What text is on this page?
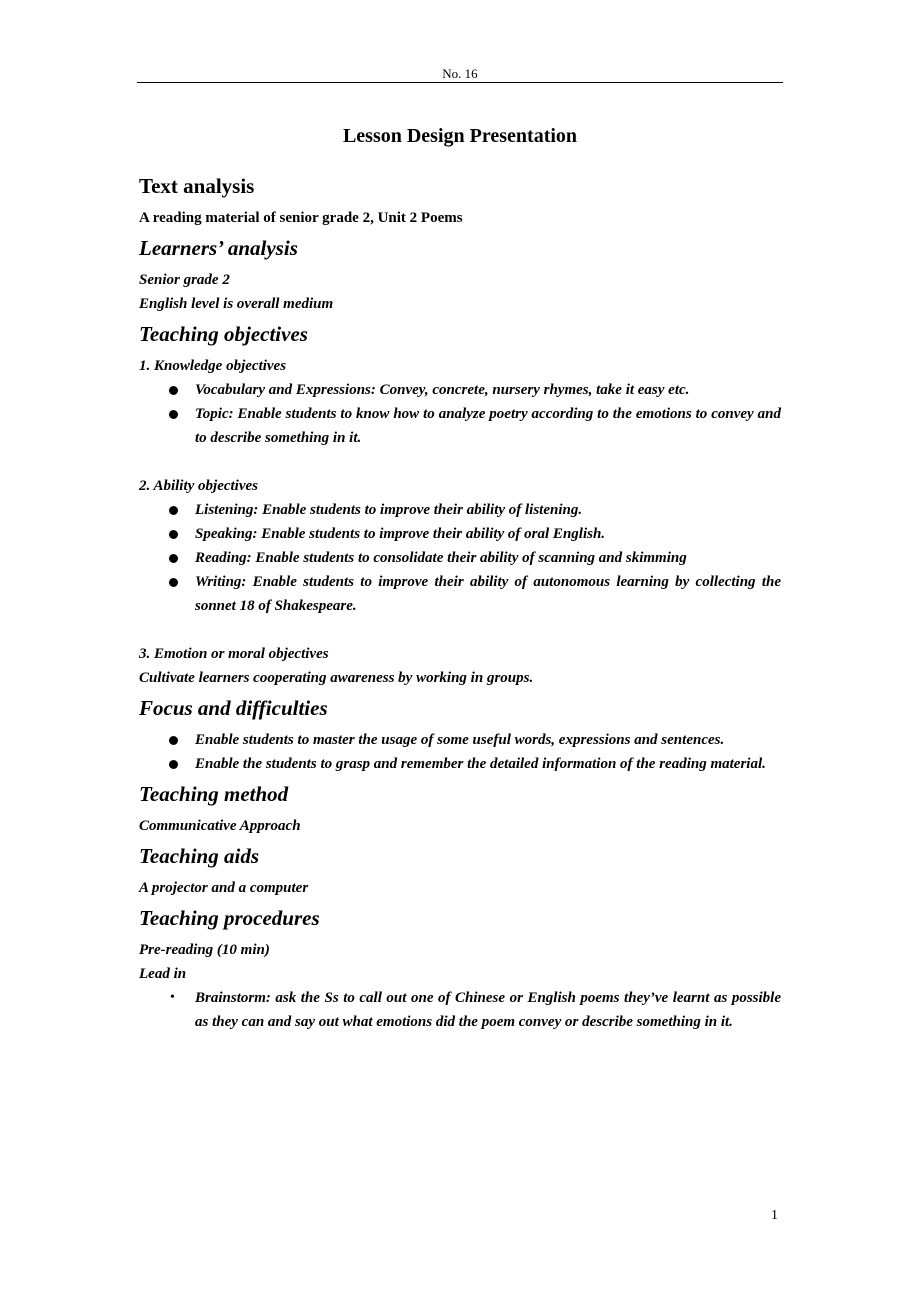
No. 16
Lesson Design Presentation
Text analysis

A reading material of senior grade 2, Unit 2 Poems

Learners’ analysis

Senior grade 2

English level is overall medium

Teaching objectives

1. Knowledge objectives

Vocabulary and Expressions: Convey, concrete, nursery rhymes, take it easy etc.
Topic: Enable students to know how to analyze poetry according to the emotions to convey and to describe something in it.

2. Ability objectives

Listening: Enable students to improve their ability of listening.
Speaking: Enable students to improve their ability of oral English.
Reading: Enable students to consolidate their ability of scanning and skimming
Writing: Enable students to improve their ability of autonomous learning by collecting the sonnet 18 of Shakespeare.

3. Emotion or moral objectives

Cultivate learners cooperating awareness by working in groups.

Focus and difficulties
Enable students to master the usage of some useful words, expressions and sentences.
Enable the students to grasp and remember the detailed information of the reading material.
Teaching method

Communicative Approach

Teaching aids

A projector and a computer

Teaching procedures

Pre-reading (10 min)

Lead in

• Brainstorm: ask the Ss to call out one of Chinese or English poems they’ve learnt as possible as they can and say out what emotions did the poem convey or describe something in it.
1
